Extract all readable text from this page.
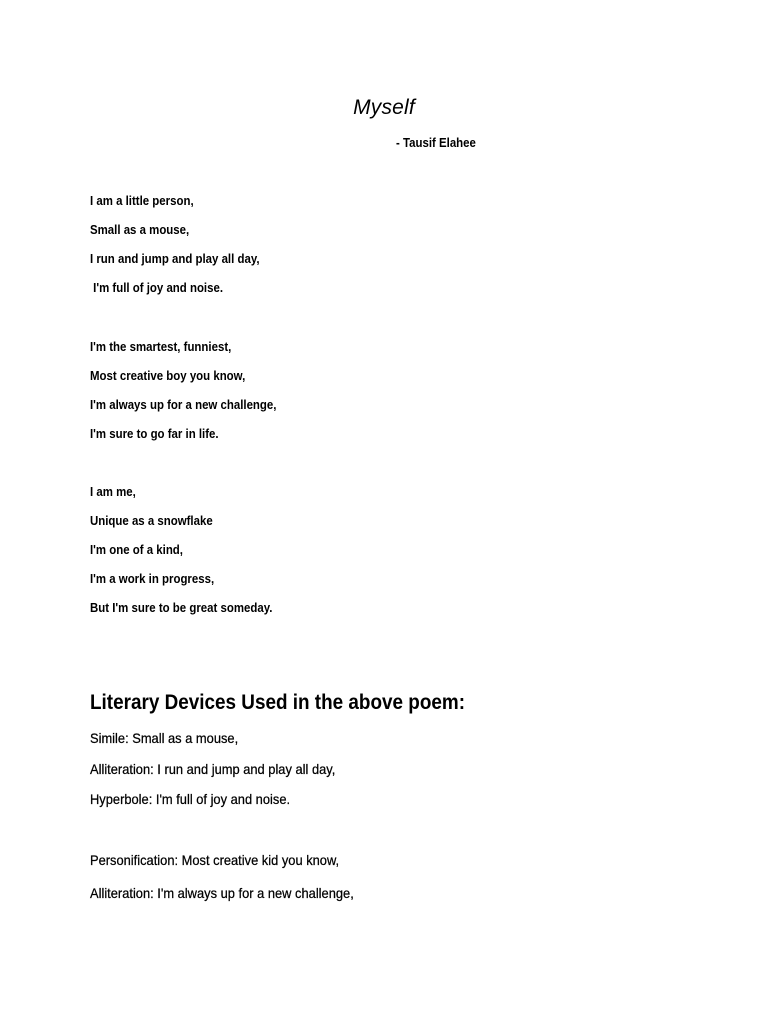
Myself
- Tausif Elahee
I am a little person,
Small as a mouse,
I run and jump and play all day,
I'm full of joy and noise.
I'm the smartest, funniest,
Most creative boy you know,
I'm always up for a new challenge,
I'm sure to go far in life.
I am me,
Unique as a snowflake
I'm one of a kind,
I'm a work in progress,
But I'm sure to be great someday.
Literary Devices Used in the above poem:
Simile: Small as a mouse,
Alliteration: I run and jump and play all day,
Hyperbole: I'm full of joy and noise.
Personification: Most creative kid you know,
Alliteration: I'm always up for a new challenge,
